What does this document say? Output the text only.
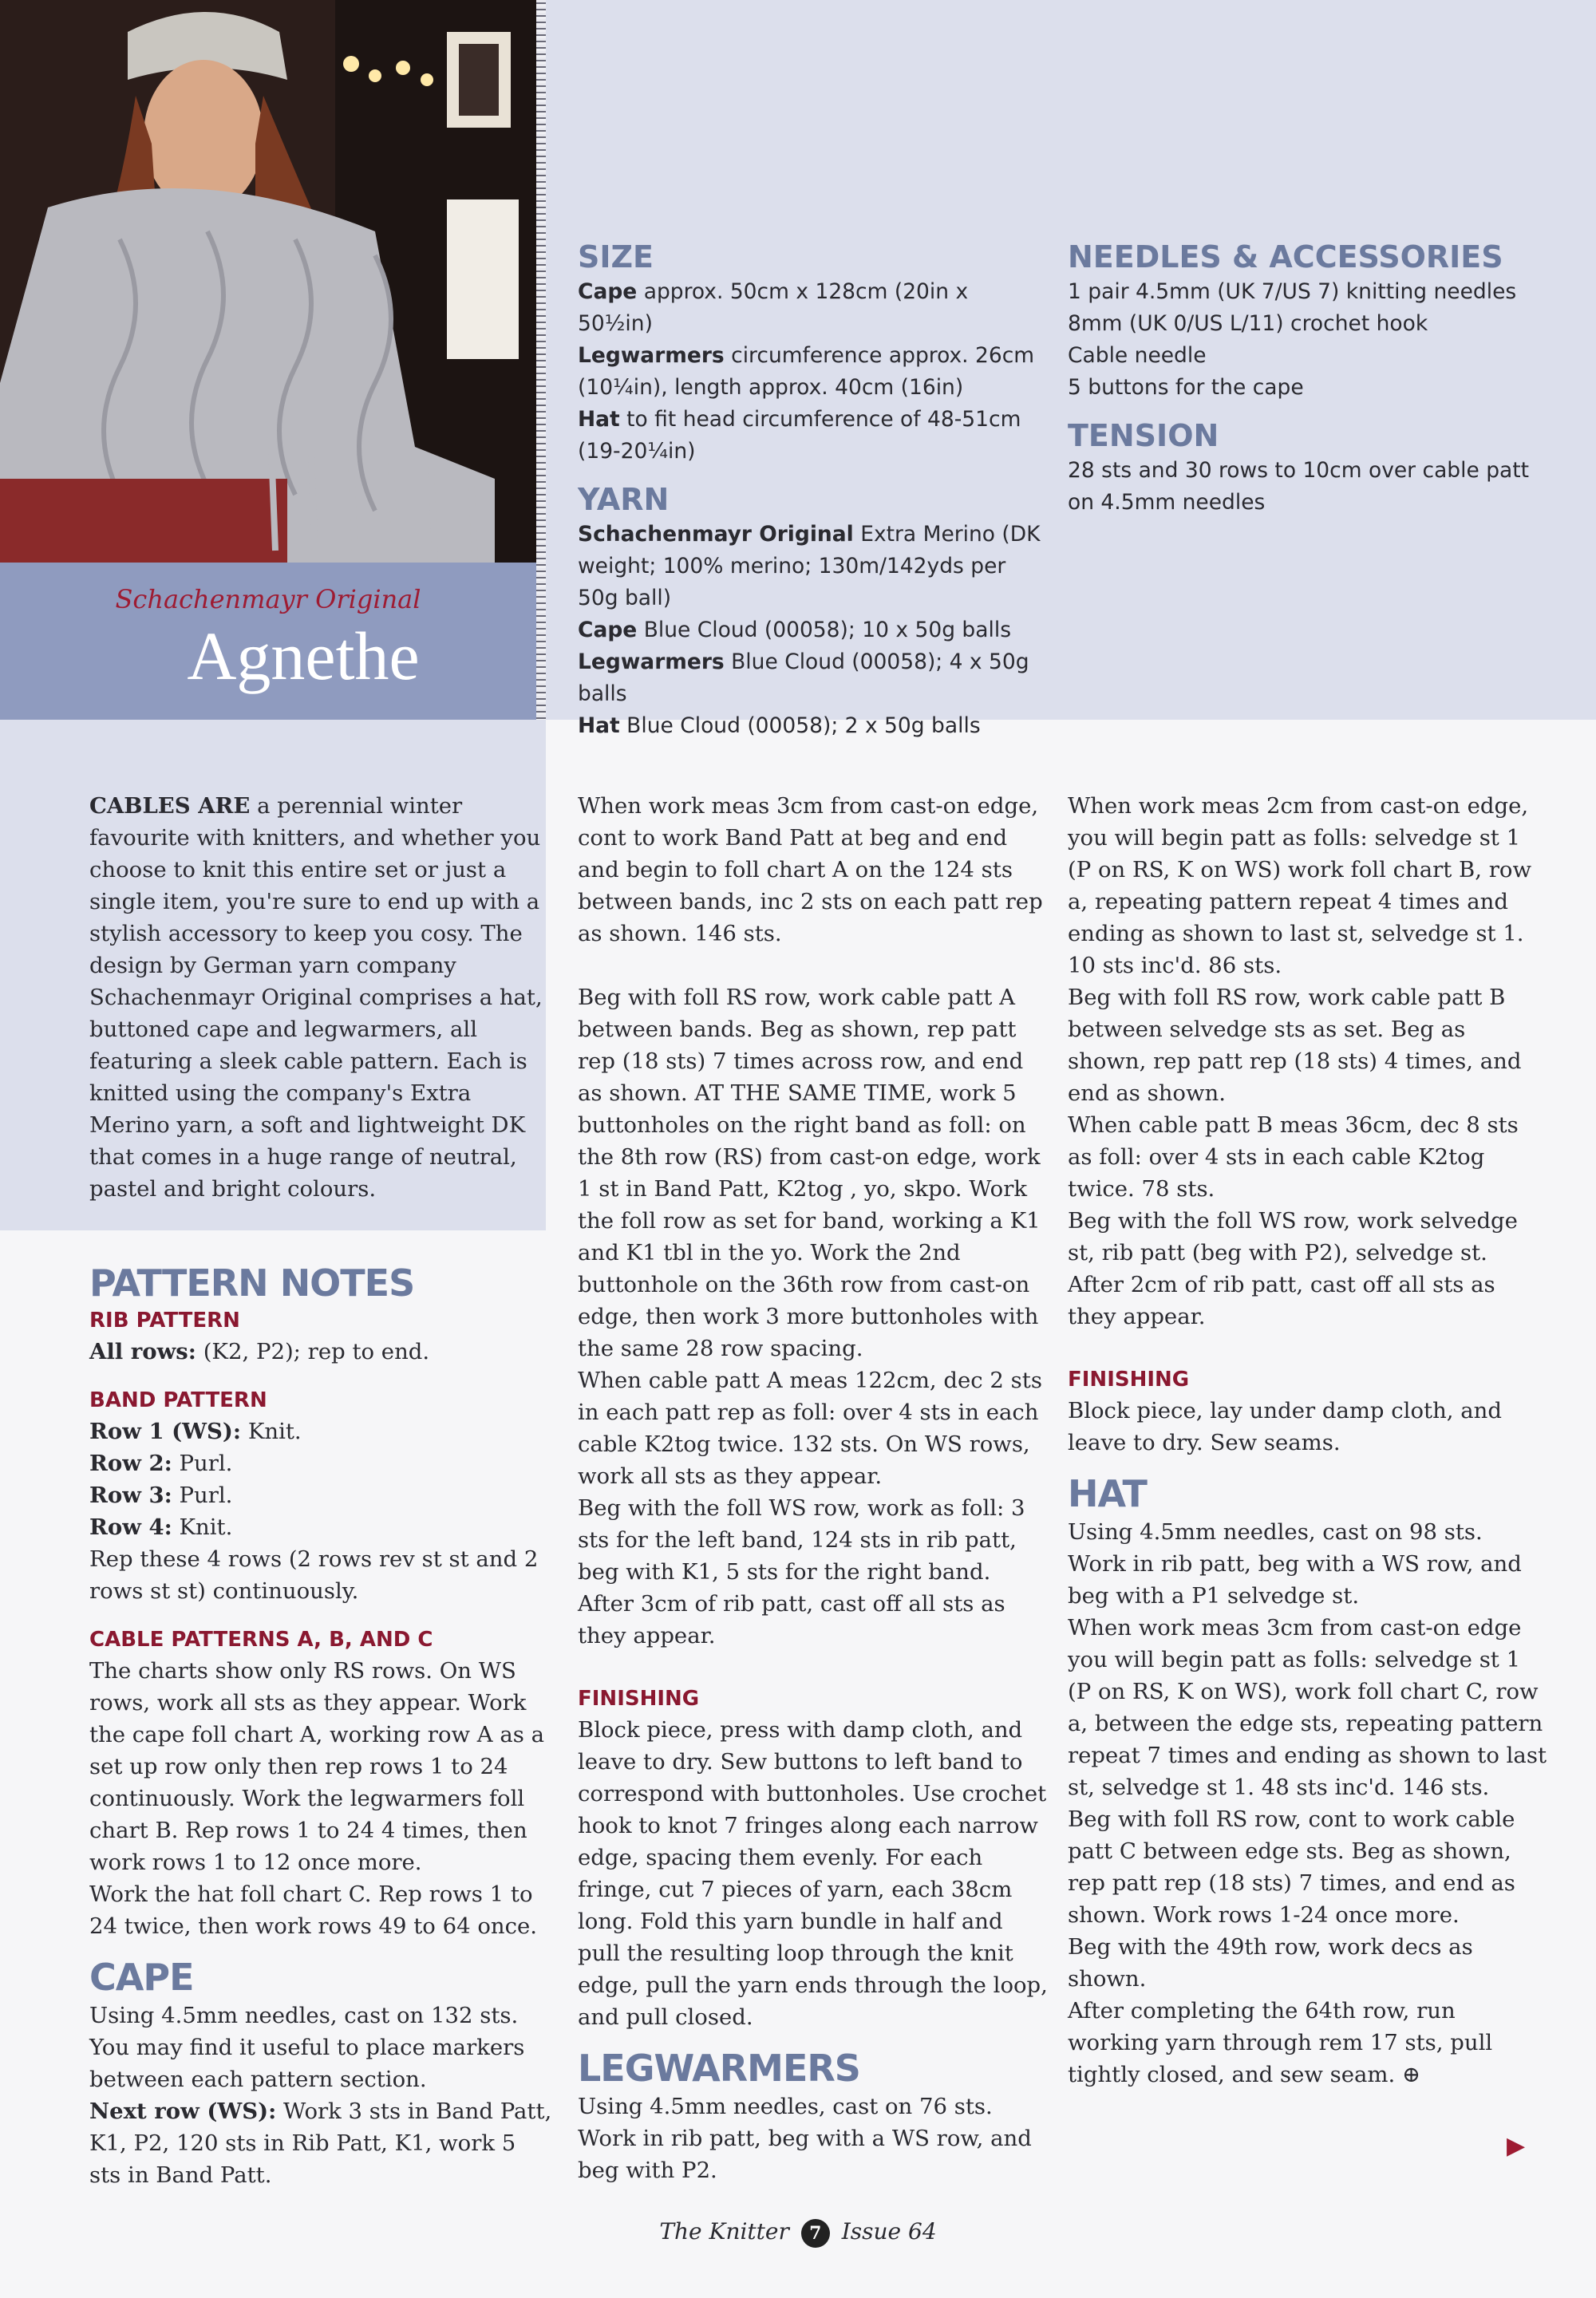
Schachenmayr Original
Agnethe

SIZE

Cape approx. 50cm x 128cm (20in x 50½in)

Legwarmers circumference approx. 26cm (10¼in), length approx. 40cm (16in)

Hat to fit head circumference of 48-51cm (19-20¼in)

YARN

Schachenmayr Original Extra Merino (DK weight; 100% merino; 130m/142yds per 50g ball)

Cape Blue Cloud (00058); 10 x 50g balls

Legwarmers Blue Cloud (00058); 4 x 50g balls

Hat Blue Cloud (00058); 2 x 50g balls

NEEDLES & ACCESSORIES

1 pair 4.5mm (UK 7/US 7) knitting needles

8mm (UK 0/US L/11) crochet hook

Cable needle

5 buttons for the cape

TENSION

28 sts and 30 rows to 10cm over cable patt on 4.5mm needles

CABLES ARE a perennial winter favourite with knitters, and whether you choose to knit this entire set or just a single item, you're sure to end up with a stylish accessory to keep you cosy. The design by German yarn company Schachenmayr Original comprises a hat, buttoned cape and legwarmers, all featuring a sleek cable pattern. Each is knitted using the company's Extra Merino yarn, a soft and lightweight DK that comes in a huge range of neutral, pastel and bright colours.

PATTERN NOTES

RIB PATTERN

All rows: (K2, P2); rep to end.

BAND PATTERN

Row 1 (WS): Knit.

Row 2: Purl.

Row 3: Purl.

Row 4: Knit.

Rep these 4 rows (2 rows rev st st and 2 rows st st) continuously.

CABLE PATTERNS A, B, AND C

The charts show only RS rows. On WS rows, work all sts as they appear. Work the cape foll chart A, working row A as a set up row only then rep rows 1 to 24 continuously. Work the legwarmers foll chart B. Rep rows 1 to 24 4 times, then work rows 1 to 12 once more.

Work the hat foll chart C. Rep rows 1 to 24 twice, then work rows 49 to 64 once.

CAPE

Using 4.5mm needles, cast on 132 sts. You may find it useful to place markers between each pattern section.

Next row (WS): Work 3 sts in Band Patt, K1, P2, 120 sts in Rib Patt, K1, work 5 sts in Band Patt.

When work meas 3cm from cast-on edge, cont to work Band Patt at beg and end and begin to foll chart A on the 124 sts between bands, inc 2 sts on each patt rep as shown. 146 sts.

Beg with foll RS row, work cable patt A between bands. Beg as shown, rep patt rep (18 sts) 7 times across row, and end as shown. AT THE SAME TIME, work 5 buttonholes on the right band as foll: on the 8th row (RS) from cast-on edge, work 1 st in Band Patt, K2tog , yo, skpo. Work the foll row as set for band, working a K1 and K1 tbl in the yo. Work the 2nd buttonhole on the 36th row from cast-on edge, then work 3 more buttonholes with the same 28 row spacing.

When cable patt A meas 122cm, dec 2 sts in each patt rep as foll: over 4 sts in each cable K2tog twice. 132 sts. On WS rows, work all sts as they appear.

Beg with the foll WS row, work as foll: 3 sts for the left band, 124 sts in rib patt, beg with K1, 5 sts for the right band. After 3cm of rib patt, cast off all sts as they appear.

FINISHING

Block piece, press with damp cloth, and leave to dry. Sew buttons to left band to correspond with buttonholes. Use crochet hook to knot 7 fringes along each narrow edge, spacing them evenly. For each fringe, cut 7 pieces of yarn, each 38cm long. Fold this yarn bundle in half and pull the resulting loop through the knit edge, pull the yarn ends through the loop, and pull closed.

LEGWARMERS

Using 4.5mm needles, cast on 76 sts. Work in rib patt, beg with a WS row, and beg with P2.

When work meas 2cm from cast-on edge, you will begin patt as folls: selvedge st 1 (P on RS, K on WS) work foll chart B, row a, repeating pattern repeat 4 times and ending as shown to last st, selvedge st 1. 10 sts inc'd. 86 sts.

Beg with foll RS row, work cable patt B between selvedge sts as set. Beg as shown, rep patt rep (18 sts) 4 times, and end as shown.

When cable patt B meas 36cm, dec 8 sts as foll: over 4 sts in each cable K2tog twice. 78 sts.

Beg with the foll WS row, work selvedge st, rib patt (beg with P2), selvedge st. After 2cm of rib patt, cast off all sts as they appear.

FINISHING

Block piece, lay under damp cloth, and leave to dry. Sew seams.

HAT

Using 4.5mm needles, cast on 98 sts. Work in rib patt, beg with a WS row, and beg with a P1 selvedge st.

When work meas 3cm from cast-on edge you will begin patt as folls: selvedge st 1 (P on RS, K on WS), work foll chart C, row a, between the edge sts, repeating pattern repeat 7 times and ending as shown to last st, selvedge st 1. 48 sts inc'd. 146 sts.

Beg with foll RS row, cont to work cable patt C between edge sts. Beg as shown, rep patt rep (18 sts) 7 times, and end as shown. Work rows 1-24 once more.

Beg with the 49th row, work decs as shown.

After completing the 64th row, run working yarn through rem 17 sts, pull tightly closed, and sew seam. ⊕

▶
The Knitter 7 Issue 64
